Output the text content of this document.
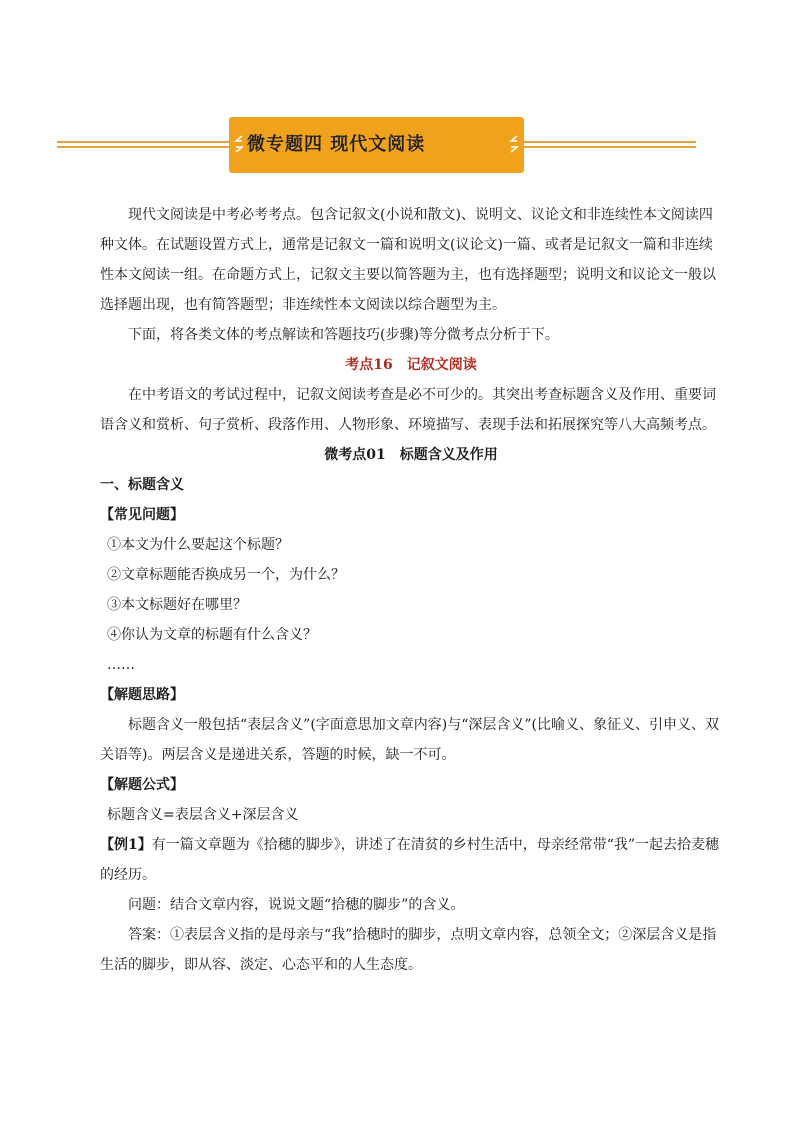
微专题四 现代文阅读

现代文阅读是中考必考考点。包含记叙文(小说和散文)、说明文、议论文和非连续性本文阅读四种文体。在试题设置方式上，通常是记叙文一篇和说明文(议论文)一篇、或者是记叙文一篇和非连续性本文阅读一组。在命题方式上，记叙文主要以简答题为主，也有选择题型；说明文和议论文一般以选择题出现，也有简答题型；非连续性本文阅读以综合题型为主。

下面，将各类文体的考点解读和答题技巧(步骤)等分微考点分析于下。

考点16　记叙文阅读

在中考语文的考试过程中，记叙文阅读考查是必不可少的。其突出考查标题含义及作用、重要词语含义和赏析、句子赏析、段落作用、人物形象、环境描写、表现手法和拓展探究等八大高频考点。

微考点01　标题含义及作用

一、标题含义

【常见问题】

①本文为什么要起这个标题？

②文章标题能否换成另一个，为什么？

③本文标题好在哪里？

④你认为文章的标题有什么含义？

……

【解题思路】

标题含义一般包括“表层含义”(字面意思加文章内容)与“深层含义”(比喻义、象征义、引申义、双关语等)。两层含义是递进关系，答题的时候，缺一不可。

【解题公式】

标题含义=表层含义+深层含义

【例1】有一篇文章题为《拾穗的脚步》，讲述了在清贫的乡村生活中，母亲经常带“我”一起去拾麦穗的经历。

问题：结合文章内容，说说文题“拾穗的脚步”的含义。

答案：①表层含义指的是母亲与“我”拾穗时的脚步，点明文章内容，总领全文；②深层含义是指生活的脚步，即从容、淡定、心态平和的人生态度。
